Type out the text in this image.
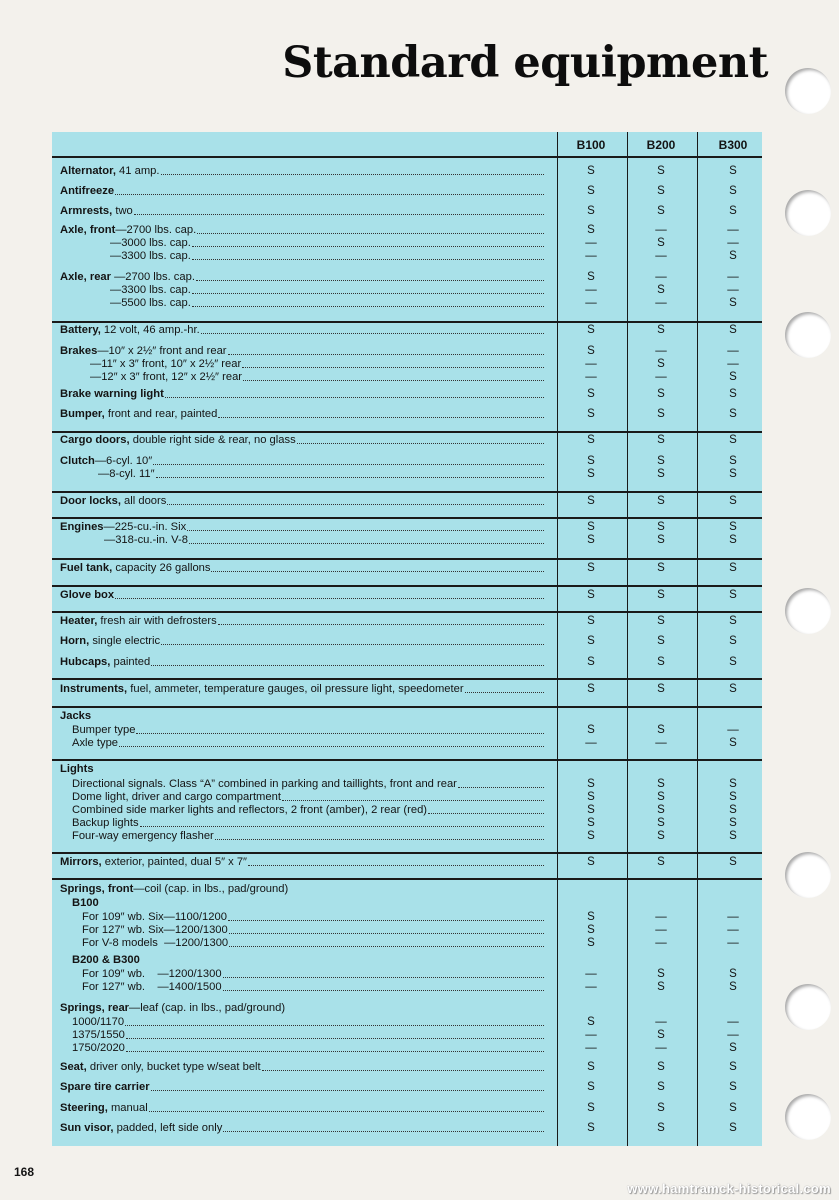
Standard equipment
B100	B200	B300
Alternator, 41 amp.	S	S	S
Antifreeze	S	S	S
Armrests, two	S	S	S
Axle, front —2700 lbs. cap.	S	—	—
—3000 lbs. cap.	—	S	—
—3300 lbs. cap.	—	—	S
Axle, rear —2700 lbs. cap.	S	—	—
—3300 lbs. cap.	—	S	—
—5500 lbs. cap.	—	—	S
Battery, 12 volt, 46 amp.-hr.	S	S	S
Brakes —10″ x 2½″ front and rear	S	—	—
—11″ x 3″ front, 10″ x 2½″ rear	—	S	—
—12″ x 3″ front, 12″ x 2½″ rear	—	—	S
Brake warning light	S	S	S
Bumper, front and rear, painted	S	S	S
Cargo doors, double right side & rear, no glass	S	S	S
Clutch —6-cyl. 10″	S	S	S
—8-cyl. 11″	S	S	S
Door locks, all doors	S	S	S
Engines —225-cu.-in. Six	S	S	S
—318-cu.-in. V-8	S	S	S
Fuel tank, capacity 26 gallons	S	S	S
Glove box	S	S	S
Heater, fresh air with defrosters	S	S	S
Horn, single electric	S	S	S
Hubcaps, painted	S	S	S
Instruments, fuel, ammeter, temperature gauges, oil pressure light, speedometer	S	S	S
Jacks
Bumper type	S	S	—
Axle type	—	—	S
Lights
Directional signals. Class “A” combined in parking and taillights, front and rear	S	S	S
Dome light, driver and cargo compartment	S	S	S
Combined side marker lights and reflectors, 2 front (amber), 2 rear (red)	S	S	S
Backup lights	S	S	S
Four-way emergency flasher	S	S	S
Mirrors, exterior, painted, dual 5″ x 7″	S	S	S
Springs, front —coil (cap. in lbs., pad/ground)
B100
For 109″ wb. Six—1100/1200	S	—	—
For 127″ wb. Six—1200/1300	S	—	—
For V-8 models  —1200/1300	S	—	—
B200 & B300
For 109″ wb.    —1200/1300	—	S	S
For 127″ wb.    —1400/1500	—	S	S
Springs, rear —leaf (cap. in lbs., pad/ground)
1000/1170	S	—	—
1375/1550	—	S	—
1750/2020	—	—	S
Seat, driver only, bucket type w/seat belt	S	S	S
Spare tire carrier	S	S	S
Steering, manual	S	S	S
Sun visor, padded, left side only	S	S	S
168
www.hamtramck-historical.com
